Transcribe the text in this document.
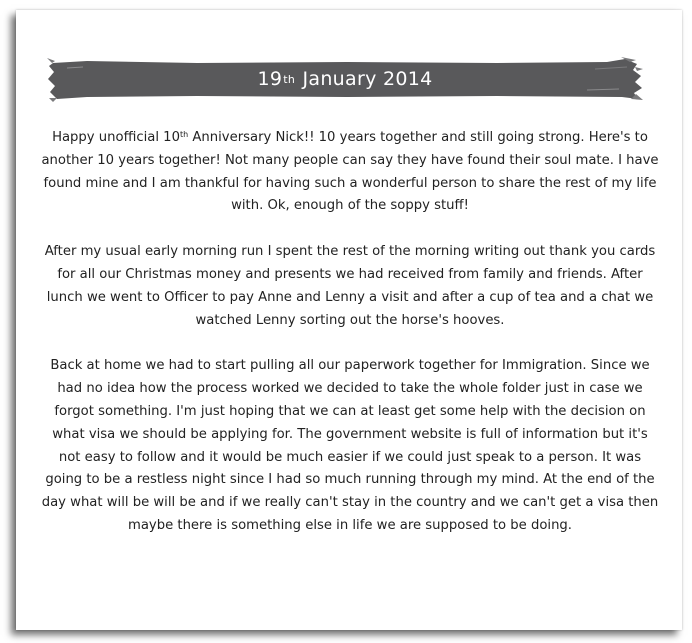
19 th
January 2014

Happy unofficial 10th Anniversary Nick!! 10 years together and still going strong. Here's to another 10 years together! Not many people can say they have found their soul mate. I have found mine and I am thankful for having such a wonderful person to share the rest of my life with. Ok, enough of the soppy stuff!

After my usual early morning run I spent the rest of the morning writing out thank you cards for all our Christmas money and presents we had received from family and friends. After lunch we went to Officer to pay Anne and Lenny a visit and after a cup of tea and a chat we watched Lenny sorting out the horse's hooves.

Back at home we had to start pulling all our paperwork together for Immigration. Since we had no idea how the process worked we decided to take the whole folder just in case we forgot something. I'm just hoping that we can at least get some help with the decision on what visa we should be applying for. The government website is full of information but it's not easy to follow and it would be much easier if we could just speak to a person. It was going to be a restless night since I had so much running through my mind. At the end of the day what will be will be and if we really can't stay in the country and we can't get a visa then maybe there is something else in life we are supposed to be doing.
